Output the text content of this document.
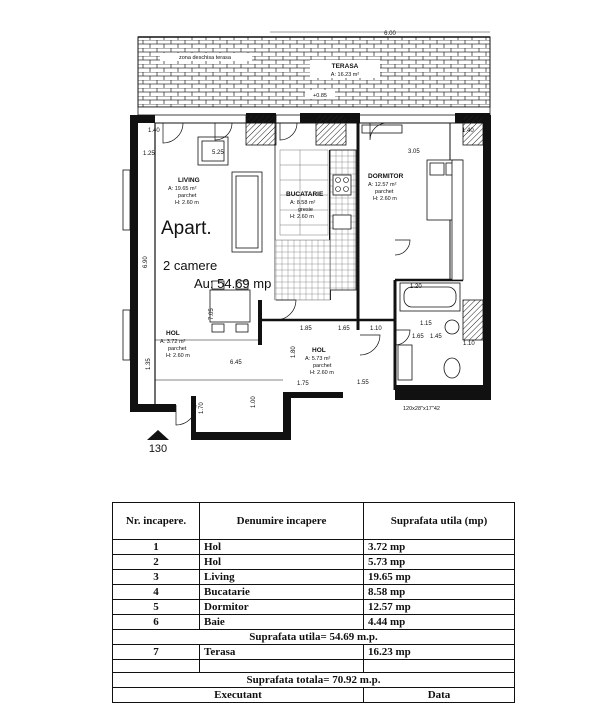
TERASA
A: 16.23 m²
zona deschisa terasa
6.00
+0.85
LIVING
A: 19.65 m²
parchet
H: 2.60 m
BUCATARIE
A: 8.58 m²
gresie
H: 2.60 m
DORMITOR
A: 12.57 m²
parchet
H: 2.60 m
HOL
A: 3.72 m²
parchet
H: 2.60 m
HOL
A: 5.73 m²
parchet
H: 2.60 m
Apart.
2 camere
Au: 54.69 mp
5.25	3.05
6.90
7.05
1.85	1.10
6.45
1.55
1.65
1.35
1.80
1.00
1.75
1.70
1.40
1.25
1.65 1.45
1.20
1.10
1.15
1.40
120x28"x17"42
130
Nr. incapere.	Denumire incapere	Suprafata utila (mp)
1	Hol	3.72 mp
2	Hol	5.73 mp
3	Living	19.65 mp
4	Bucatarie	8.58 mp
5	Dormitor	12.57 mp
6	Baie	4.44 mp
Suprafata utila= 54.69 m.p.		
7	Terasa	16.23 mp

Suprafata totala= 70.92 m.p.		
Executant		Data
